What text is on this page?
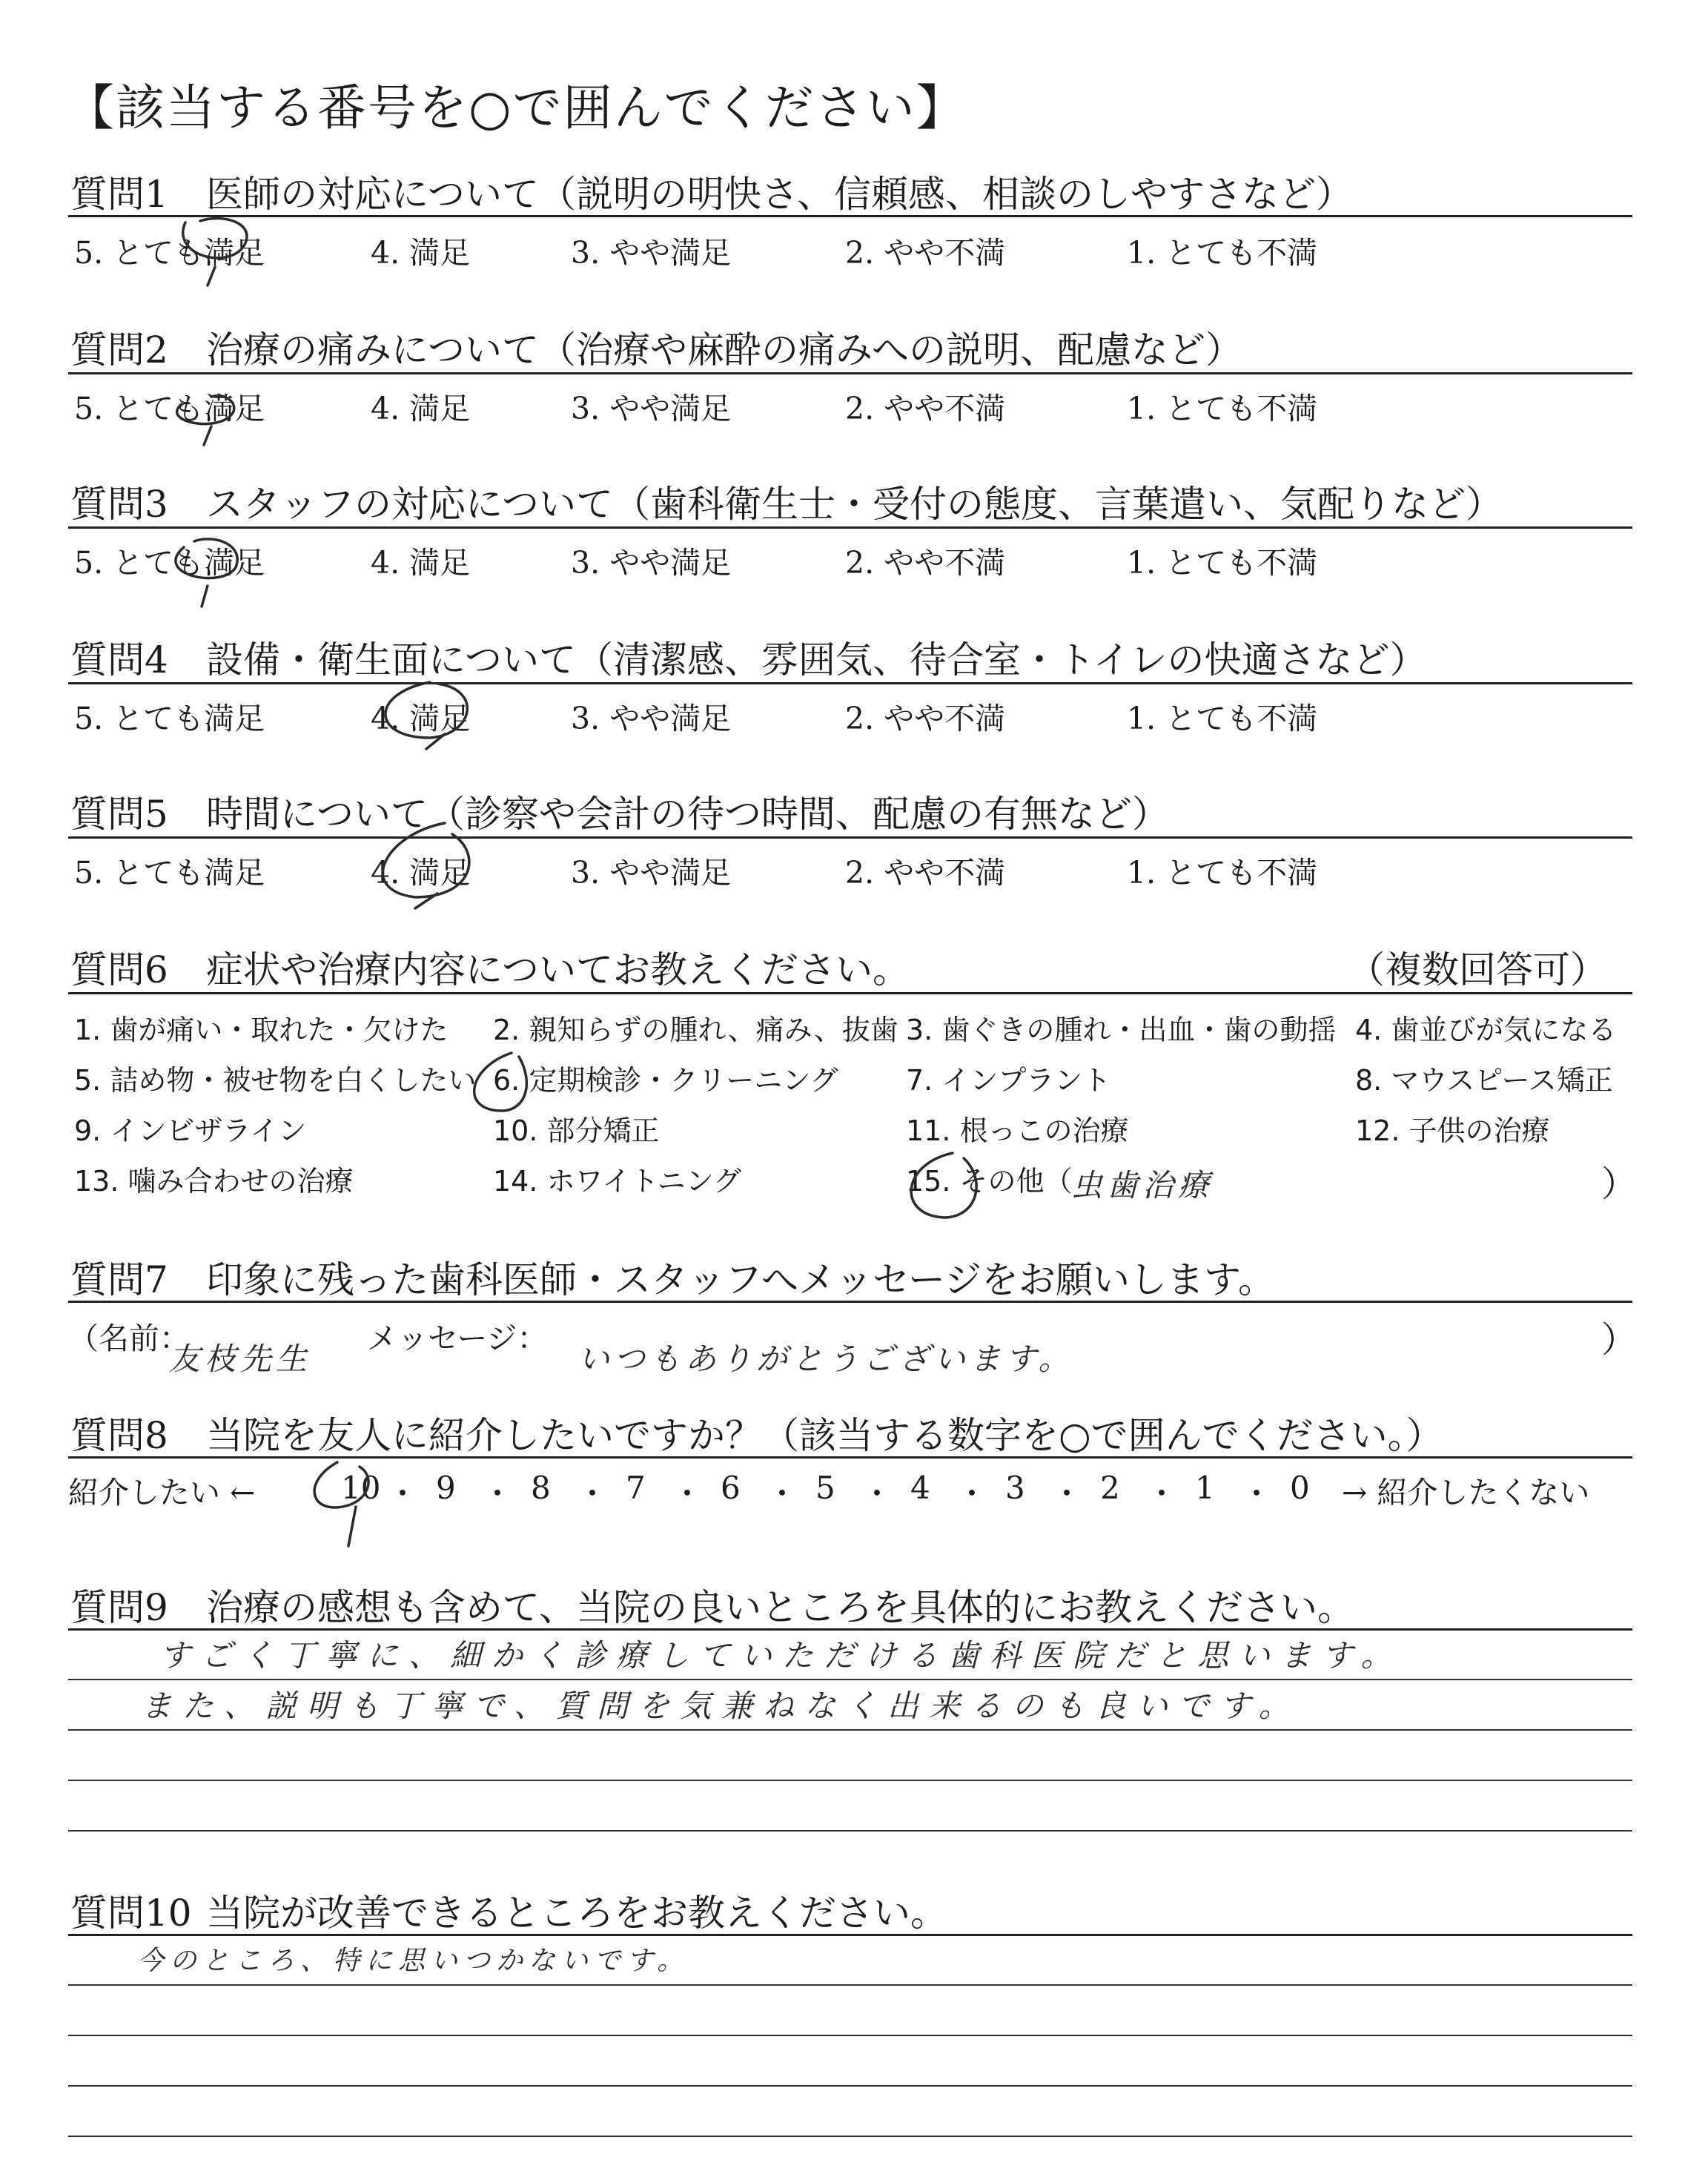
【該当する番号を○で囲んでください】
質問1 医師の対応について（説明の明快さ、信頼感、相談のしやすさなど）
5. とても満足	4. 満足	3. やや満足	2. やや不満	1. とても不満
質問2 治療の痛みについて（治療や麻酔の痛みへの説明、配慮など）
5. とても満足	4. 満足	3. やや満足	2. やや不満	1. とても不満
質問3 スタッフの対応について（歯科衛生士・受付の態度、言葉遣い、気配りなど）
5. とても満足	4. 満足	3. やや満足	2. やや不満	1. とても不満
質問4 設備・衛生面について（清潔感、雰囲気、待合室・トイレの快適さなど）
5. とても満足	4. 満足	3. やや満足	2. やや不満	1. とても不満
質問5 時間について（診察や会計の待つ時間、配慮の有無など）
5. とても満足	4. 満足	3. やや満足	2. やや不満	1. とても不満
質問6 症状や治療内容についてお教えください。	（複数回答可）
1. 歯が痛い・取れた・欠けた 2. 親知らずの腫れ、痛み、抜歯 3. 歯ぐきの腫れ・出血・歯の動揺 4. 歯並びが気になる
5. 詰め物・被せ物を白くしたい 6. 定期検診・クリーニング 7. インプラント	8. マウスピース矯正
9. インビザライン	10. 部分矯正	11. 根っこの治療	12. 子供の治療
13. 噛み合わせの治療	14. ホワイトニング	15. その他（
虫歯治療	）
質問7 印象に残った歯科医師・スタッフへメッセージをお願いします。
（名前：
友枝先生
メッセージ：
いつもありがとうございます。	）
質問8 当院を友人に紹介したいですか？（該当する数字を○で囲んでください。）
紹介したい ←	10 ・ 9 ・ 8 ・ 7 ・ 6 ・ 5 ・ 4 ・ 3 ・ 2 ・ 1 ・ 0 → 紹介したくない
質問9 治療の感想も含めて、当院の良いところを具体的にお教えください。
すごく丁寧に、細かく診療していただける歯科医院だと思います。
また、説明も丁寧で、質問を気兼ねなく出来るのも良いです。
質問10 当院が改善できるところをお教えください。
今のところ、特に思いつかないです。
